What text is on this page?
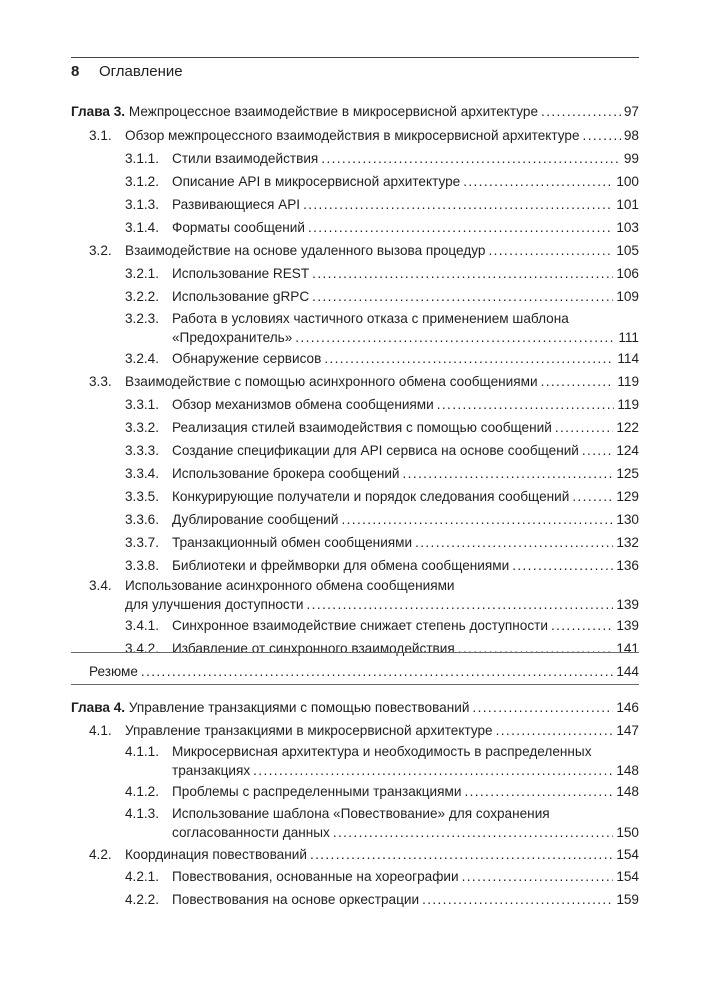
8 Оглавление
Глава 3.
Межпроцессное взаимодействие в микросервисной архитектуре . . .	97
3.1. Обзор межпроцессного взаимодействия в микросервисной архитектуре . . .	98
3.1.1. Стили взаимодействия . . .	99
3.1.2. Описание API в микросервисной архитектуре . . .	100
3.1.3. Развивающиеся API . . .	101
3.1.4. Форматы сообщений . . .	103
3.2. Взаимодействие на основе удаленного вызова процедур . . .	105
3.2.1. Использование REST . . .	106
3.2.2. Использование gRPC . . .	109
3.2.3. Работа в условиях частичного отказа с применением шаблона
«Предохранитель» . . .	111
3.2.4. Обнаружение сервисов . . .	114
3.3. Взаимодействие с помощью асинхронного обмена сообщениями . . .	119
3.3.1. Обзор механизмов обмена сообщениями . . .	119
3.3.2. Реализация стилей взаимодействия с помощью сообщений . . .	122
3.3.3. Создание спецификации для API сервиса на основе сообщений . . .	124
3.3.4. Использование брокера сообщений . . .	125
3.3.5. Конкурирующие получатели и порядок следования сообщений . . .	129
3.3.6. Дублирование сообщений . . .	130
3.3.7. Транзакционный обмен сообщениями . . .	132
3.3.8. Библиотеки и фреймворки для обмена сообщениями . . .	136
3.4. Использование асинхронного обмена сообщениями
для улучшения доступности . . .	139
3.4.1. Синхронное взаимодействие снижает степень доступности . . .	139
3.4.2. Избавление от синхронного взаимодействия . . .	141
Резюме . . .	144
Глава 4.
Управление транзакциями с помощью повествований . . .	146
4.1. Управление транзакциями в микросервисной архитектуре . . .	147
4.1.1. Микросервисная архитектура и необходимость в распределенных
транзакциях . . .	148
4.1.2. Проблемы с распределенными транзакциями . . .	148
4.1.3. Использование шаблона «Повествование» для сохранения
согласованности данных . . .	150
4.2. Координация повествований . . .	154
4.2.1. Повествования, основанные на хореографии . . .	154
4.2.2. Повествования на основе оркестрации . . .	159
